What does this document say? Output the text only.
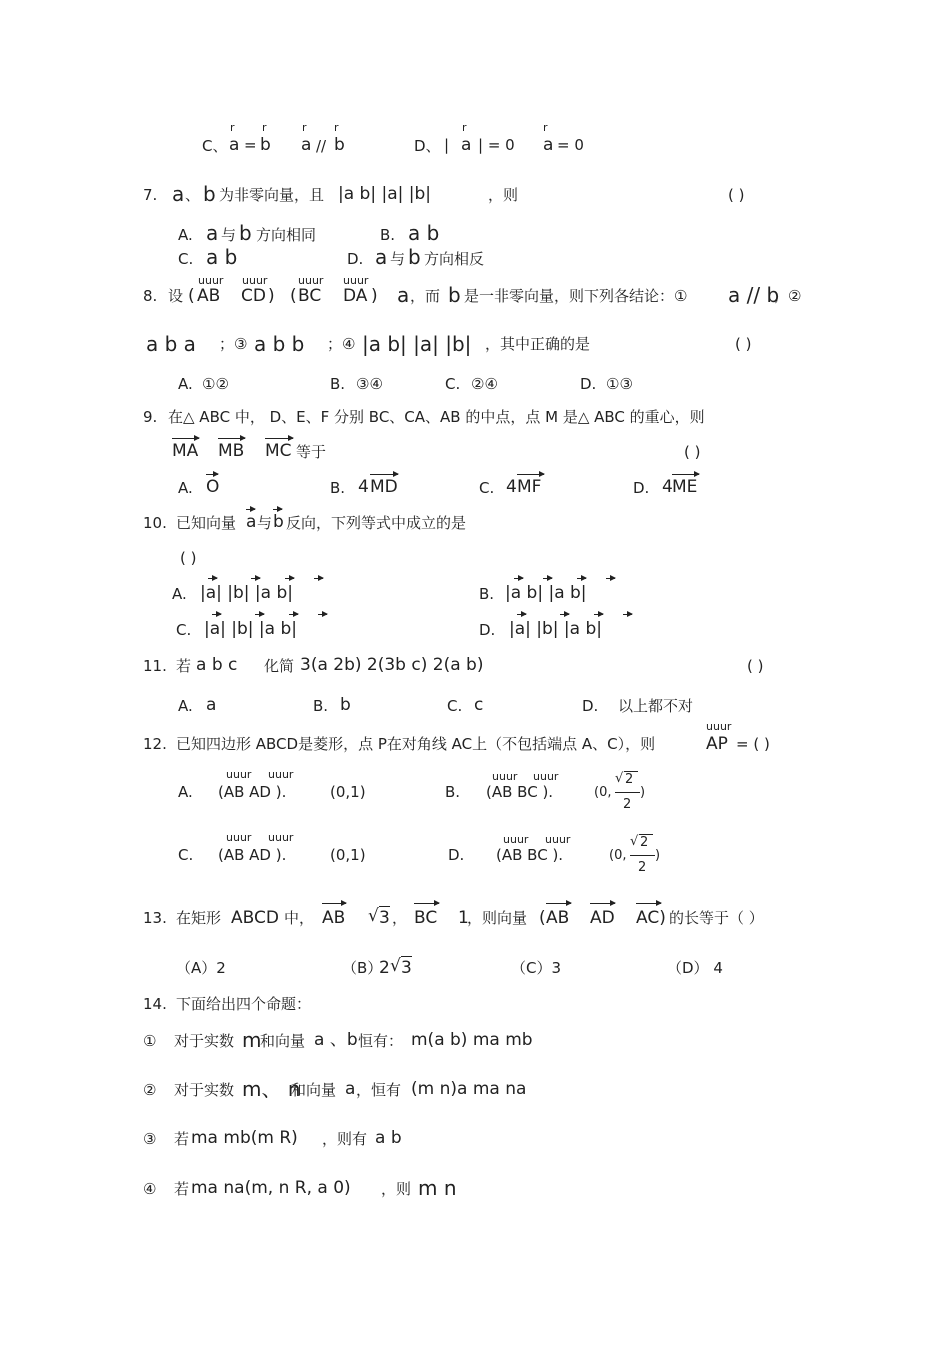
r r	r r	r	r
C、 a = b a // b	D、 | a | = 0 a = 0
7. a 、 b 为非零向量，且 |a b| |a| |b|	，则	( )
A. a 与 b 方向相同	B. a b
C. a b	D. a 与 b 方向相反
uuur uuur	uuur uuur
8. 设 ( AB CD ) ( BC DA ) a ，而 b 是一非零向量，则下列各结论：① a // b
；②
a b a ；③ a b b ；④ |a b| |a| |b| ，其中正确的是	( )
A. ①②	B. ③④	C. ②④	D. ①③
9. 在△ ABC 中， D、E、F 分别 BC、CA、AB 的中点，点 M 是△ ABC 的重心，则
MA MB MC 等于	( )
A. O	B. 4 MD	C. 4 MF	D. 4 ME
10. 已知向量 a 与 b 反向，下列等式中成立的是
( )
A. |a| |b| |a b|	B. |a b| |a b|
C. |a| |b| |a b|	D. |a| |b| |a b|
11. 若 a b c 化简 3(a 2b) 2(3b c) 2(a b)	( )
A. a	B. b	C. c	D. 以上都不对
uuur
12. 已知四边形 ABCD是菱形，点 P在对角线 AC上（不包括端点 A、C），则	AP = ( )
uuur uuur
A. (AB AD ).	(0,1)
uuur uuur
B. (AB BC ).	(0,
√ 2
2
)
uuur uuur
C. (AB AD ).	(0,1)
uuur uuur
D. (AB BC ).	(0,
√ 2
2
)
13. 在矩形 ABCD 中， AB √ 3 ， BC 1
，则向量 ( AB AD AC) 的长等于（ ）
（A）2	（B）
2 √ 3	（C）3	（D） 4
14. 下面给出四个命题：
① 对于实数 m
和向量 a 、b 恒有： m(a b) ma mb
② 对于实数 m、 n
和向量 a ，恒有 (m n)a ma na
③ 若 ma mb(m R) ，则有 a b
④ 若 ma na(m, n R, a 0) ，则 m n
